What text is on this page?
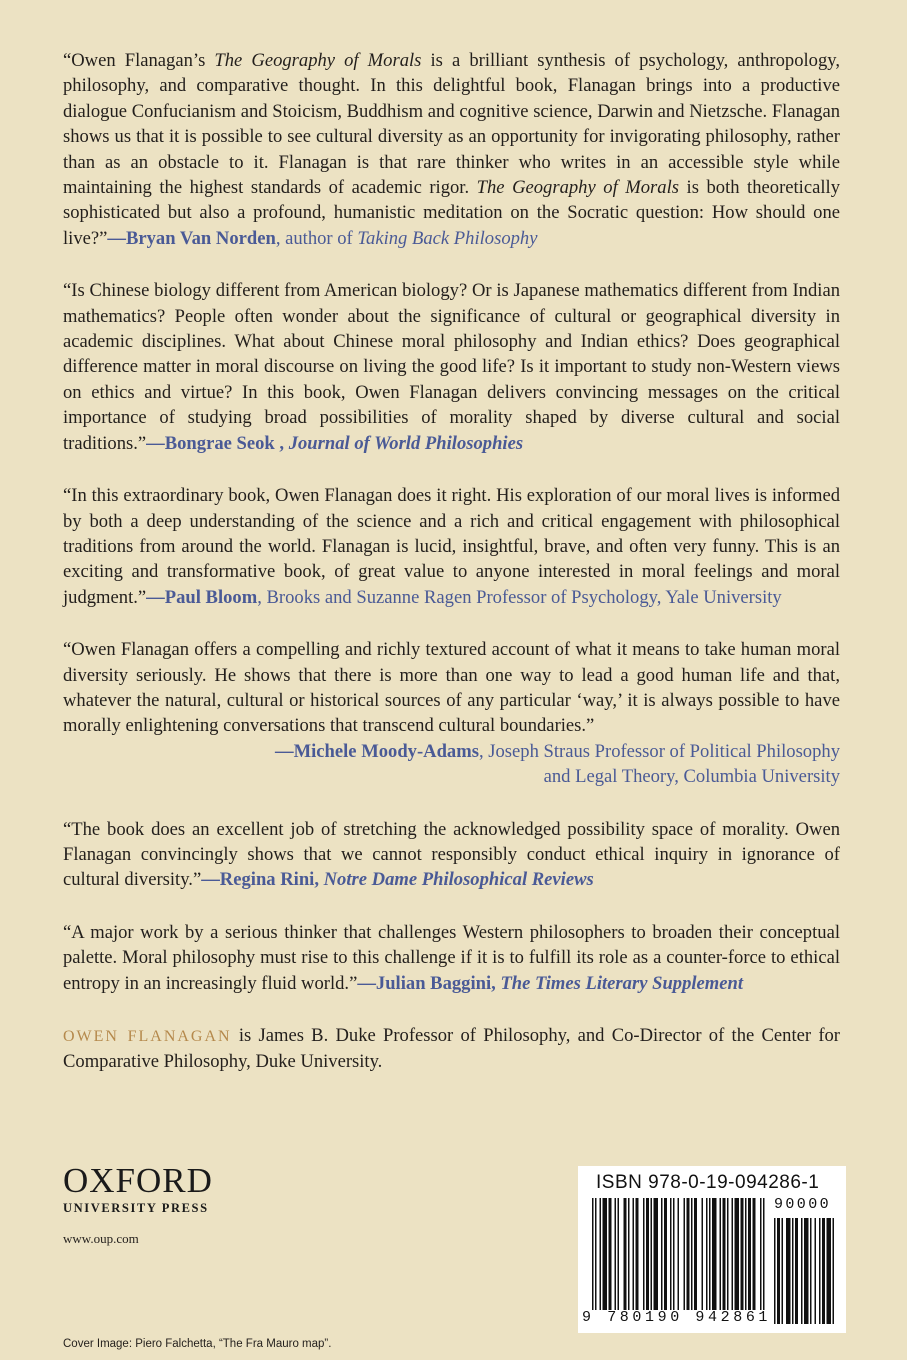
“Owen Flanagan’s The Geography of Morals is a brilliant synthesis of psychology, anthropology, philosophy, and comparative thought. In this delightful book, Flanagan brings into a productive dialogue Confucianism and Stoicism, Buddhism and cognitive science, Darwin and Nietzsche. Flanagan shows us that it is possible to see cultural diversity as an opportunity for invigorating philosophy, rather than as an obstacle to it. Flanagan is that rare thinker who writes in an accessible style while maintaining the highest standards of academic rigor. The Geography of Morals is both theoretically sophisticated but also a profound, humanistic meditation on the Socratic question: How should one live?”—Bryan Van Norden, author of Taking Back Philosophy

“Is Chinese biology different from American biology? Or is Japanese mathematics different from Indian mathematics? People often wonder about the significance of cultural or geographical diversity in academic disciplines. What about Chinese moral philosophy and Indian ethics? Does geographical difference matter in moral discourse on living the good life? Is it important to study non-Western views on ethics and virtue? In this book, Owen Flanagan delivers convincing messages on the critical importance of studying broad possibilities of morality shaped by diverse cultural and social traditions.”—Bongrae Seok , Journal of World Philosophies

“In this extraordinary book, Owen Flanagan does it right. His exploration of our moral lives is informed by both a deep understanding of the science and a rich and critical engagement with philosophical traditions from around the world. Flanagan is lucid, insightful, brave, and often very funny. This is an exciting and transformative book, of great value to anyone interested in moral feelings and moral judgment.”—Paul Bloom, Brooks and Suzanne Ragen Professor of Psychology, Yale University

“Owen Flanagan offers a compelling and richly textured account of what it means to take human moral diversity seriously. He shows that there is more than one way to lead a good human life and that, whatever the natural, cultural or historical sources of any particular ‘way,’ it is always possible to have morally enlightening conversations that transcend cultural boundaries.”
—Michele Moody-Adams, Joseph Straus Professor of Political Philosophy
and Legal Theory, Columbia University

“The book does an excellent job of stretching the acknowledged possibility space of morality. Owen Flanagan convincingly shows that we cannot responsibly conduct ethical inquiry in ignorance of cultural diversity.”—Regina Rini, Notre Dame Philosophical Reviews

“A major work by a serious thinker that challenges Western philosophers to broaden their conceptual palette. Moral philosophy must rise to this challenge if it is to fulfill its role as a counter-force to ethical entropy in an increasingly fluid world.”—Julian Baggini, The Times Literary Supplement

OWEN FLANAGAN is James B. Duke Professor of Philosophy, and Co-Director of the Center for Comparative Philosophy, Duke University.

OXFORD
UNIVERSITY PRESS
www.oup.com
Cover Image: Piero Falchetta, “The Fra Mauro map”.
ISBN 978-0-19-094286-1
90000
9 780190 942861
